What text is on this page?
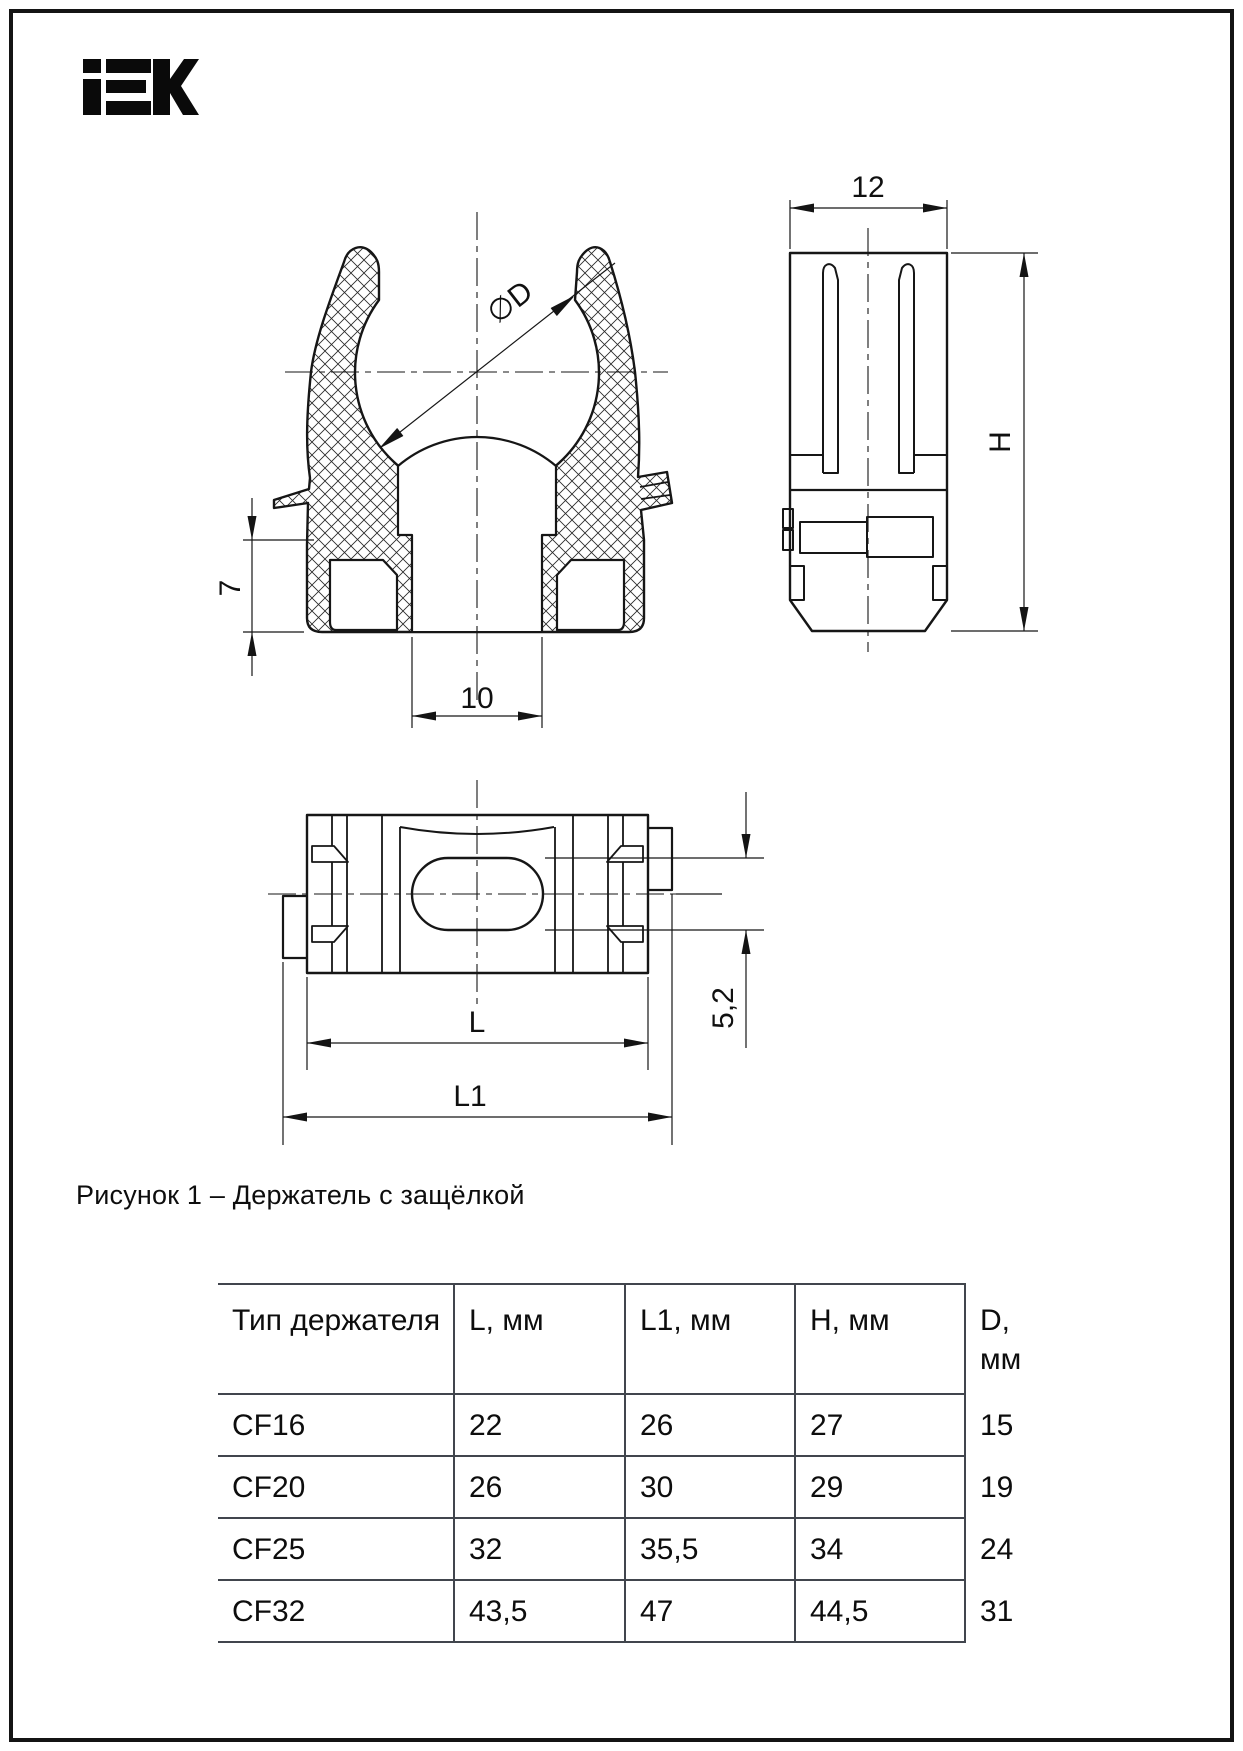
∅D
7
10
12
H
5,2
L
L1
Рисунок 1 – Держатель с защёлкой
Тип держателя	L, мм	L1, мм	H, мм	D, мм
CF16	22	26	27	15
CF20	26	30	29	19
CF25	32	35,5	34	24
CF32	43,5	47	44,5	31
